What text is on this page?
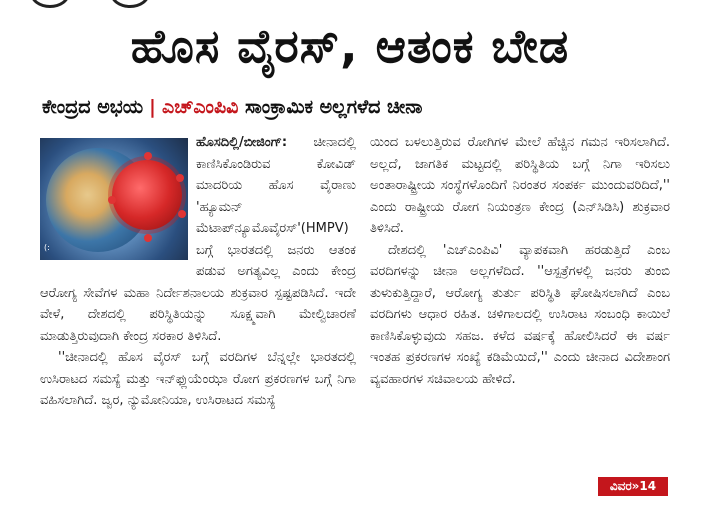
ಹೊಸ ವೈರಸ್, ಆತಂಕ ಬೇಡ
ಕೇಂದ್ರದ ಅಭಯ | ಎಚ್‌ಎಂಪಿವಿ ಸಾಂಕ್ರಾಮಿಕ ಅಲ್ಲಗಳೆದ ಚೀನಾ
(:

ಹೊಸದಿಲ್ಲಿ/ಬೀಜಿಂಗ್: ಚೀನಾದಲ್ಲಿ ಕಾಣಿಸಿಕೊಂಡಿರುವ ಕೋವಿಡ್ ಮಾದರಿಯ ಹೊಸ ವೈರಾಣು 'ಹ್ಯೂಮನ್ ಮೆಟಾಪ್‌ನ್ಯೂಮೊವೈರಸ್'(HMPV) ಬಗ್ಗೆ ಭಾರತದಲ್ಲಿ ಜನರು ಆತಂಕ ಪಡುವ ಅಗತ್ಯವಿಲ್ಲ ಎಂದು ಕೇಂದ್ರ ಆರೋಗ್ಯ ಸೇವೆಗಳ ಮಹಾ ನಿರ್ದೇಶನಾಲಯ ಶುಕ್ರವಾರ ಸ್ಪಷ್ಟಪಡಿಸಿದೆ. ಇದೇ ವೇಳೆ, ದೇಶದಲ್ಲಿ ಪರಿಸ್ಥಿತಿಯನ್ನು ಸೂಕ್ಷ್ಮವಾಗಿ ಮೇಲ್ವಿಚಾರಣೆ ಮಾಡುತ್ತಿರುವುದಾಗಿ ಕೇಂದ್ರ ಸರಕಾರ ತಿಳಿಸಿದೆ.

''ಚೀನಾದಲ್ಲಿ ಹೊಸ ವೈರಸ್ ಬಗ್ಗೆ ವರದಿಗಳ ಬೆನ್ನಲ್ಲೇ ಭಾರತದಲ್ಲಿ ಉಸಿರಾಟದ ಸಮಸ್ಯೆ ಮತ್ತು ಇನ್‌ಫ್ಲುಯೆಂಝಾ ರೋಗ ಪ್ರಕರಣಗಳ ಬಗ್ಗೆ ನಿಗಾ ವಹಿಸಲಾಗಿದೆ. ಜ್ವರ, ನ್ಯುಮೋನಿಯಾ, ಉಸಿರಾಟದ ಸಮಸ್ಯೆ

ಯಿಂದ ಬಳಲುತ್ತಿರುವ ರೋಗಿಗಳ ಮೇಲೆ ಹೆಚ್ಚಿನ ಗಮನ ಇರಿಸಲಾಗಿದೆ. ಅಲ್ಲದೆ, ಜಾಗತಿಕ ಮಟ್ಟದಲ್ಲಿ ಪರಿಸ್ಥಿತಿಯ ಬಗ್ಗೆ ನಿಗಾ ಇರಿಸಲು ಅಂತಾರಾಷ್ಟ್ರೀಯ ಸಂಸ್ಥೆಗಳೊಂದಿಗೆ ನಿರಂತರ ಸಂಪರ್ಕ ಮುಂದುವರಿದಿದೆ,'' ಎಂದು ರಾಷ್ಟ್ರೀಯ ರೋಗ ನಿಯಂತ್ರಣ ಕೇಂದ್ರ (ಎನ್‌ಸಿಡಿಸಿ) ಶುಕ್ರವಾರ ತಿಳಿಸಿದೆ.

ದೇಶದಲ್ಲಿ 'ಎಚ್‌ಎಂಪಿವಿ' ವ್ಯಾಪಕವಾಗಿ ಹರಡುತ್ತಿದೆ ಎಂಬ ವರದಿಗಳನ್ನು ಚೀನಾ ಅಲ್ಲಗಳೆದಿದೆ. ''ಆಸ್ಪತ್ರೆಗಳಲ್ಲಿ ಜನರು ತುಂಬಿ ತುಳುಕುತ್ತಿದ್ದಾರೆ, ಆರೋಗ್ಯ ತುರ್ತು ಪರಿಸ್ಥಿತಿ ಘೋಷಿಸಲಾಗಿದೆ ಎಂಬ ವರದಿಗಳು ಆಧಾರ ರಹಿತ. ಚಳಿಗಾಲದಲ್ಲಿ ಉಸಿರಾಟ ಸಂಬಂಧಿ ಕಾಯಿಲೆ ಕಾಣಿಸಿಕೊಳ್ಳುವುದು ಸಹಜ. ಕಳೆದ ವರ್ಷಕ್ಕೆ ಹೋಲಿಸಿದರೆ ಈ ವರ್ಷ ಇಂತಹ ಪ್ರಕರಣಗಳ ಸಂಖ್ಯೆ ಕಡಿಮೆಯಿದೆ,'' ಎಂದು ಚೀನಾದ ವಿದೇಶಾಂಗ ವ್ಯವಹಾರಗಳ ಸಚಿವಾಲಯ ಹೇಳಿದೆ.

ವಿವರ»14
